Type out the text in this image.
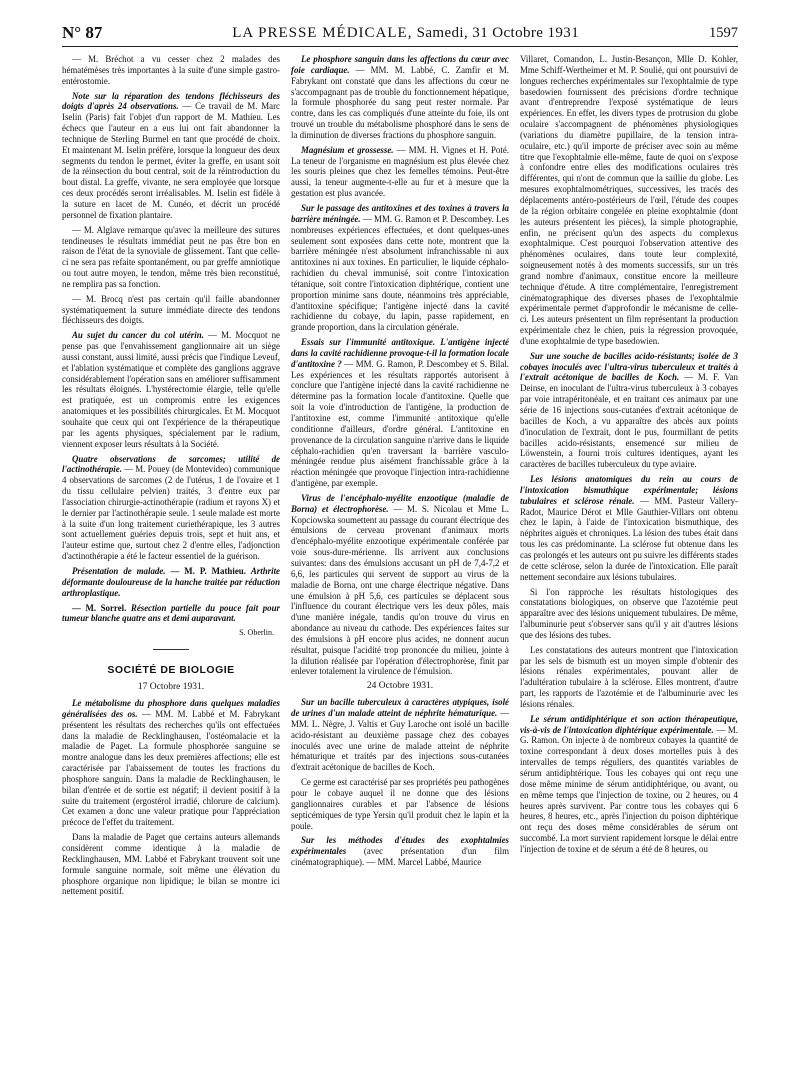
N° 87	LA PRESSE MÉDICALE, Samedi, 31 Octobre 1931	1597

— M. Bréchot a vu cesser chez 2 malades des hématémèses très importantes à la suite d'une simple gastro-entérostomie.

Note sur la réparation des tendons fléchisseurs des doigts d'après 24 observations. — Ce travail de M. Marc Iselin (Paris) fait l'objet d'un rapport de M. Mathieu. Les échecs que l'auteur en a eus lui ont fait abandonner la technique de Sterling Burmel en tant que procédé de choix. Et maintenant M. Iselin préfère, lorsque la longueur des deux segments du tendon le permet, éviter la greffe, en usant soit de la réinsection du bout central, soit de la réintroduction du bout distal. La greffe, vivante, ne sera employée que lorsque ces deux procédés seront irréalisables. M. Iselin est fidèle à la suture en lacet de M. Cunéo, et décrit un procédé personnel de fixation plantaire.

— M. Alglave remarque qu'avec la meilleure des sutures tendineuses le résultats immédiat peut ne pas être bon en raison de l'état de la synoviale de glissement. Tant que celle-ci ne sera pas refaite spontanément, ou par greffe amniotique ou tout autre moyen, le tendon, même très bien reconstitué, ne remplira pas sa fonction.

— M. Brocq n'est pas certain qu'il faille abandonner systématiquement la suture immédiate directe des tendons fléchisseurs des doigts.

Au sujet du cancer du col utérin. — M. Mocquot ne pense pas que l'envahissement ganglionnaire ait un siège aussi constant, aussi limité, aussi précis que l'indique Leveuf, et l'ablation systématique et complète des ganglions aggrave considérablement l'opération sans en améliorer suffisamment les résultats éloignés. L'hystérectomie élargie, telle qu'elle est pratiquée, est un compromis entre les exigences anatomiques et les possibilités chirurgicales. Et M. Mocquot souhaite que ceux qui ont l'expérience de la thérapeutique par les agents physiques, spécialement par le radium, viennent exposer leurs résultats à la Société.

Quatre observations de sarcomes; utilité de l'actinothérapie. — M. Pouey (de Montevideo) communique 4 observations de sarcomes (2 de l'utérus, 1 de l'ovaire et 1 du tissu cellulaire pelvien) traités, 3 d'entre eux par l'association chirurgie-actinothérapie (radium et rayons X) et le dernier par l'actinothérapie seule. 1 seule malade est morte à la suite d'un long traitement curiethérapique, les 3 autres sont actuellement guéries depuis trois, sept et huit ans, et l'auteur estime que, surtout chez 2 d'entre elles, l'adjonction d'actinothérapie a été le facteur essentiel de la guérison.

Présentation de malade. — M. P. Mathieu. Arthrite déformante douloureuse de la hanche traitée par réduction arthroplastique.

— M. Sorrel. Résection partielle du pouce fait pour tumeur blanche quatre ans et demi auparavant.

S. Oberlin.

SOCIÉTÉ DE BIOLOGIE
17 Octobre 1931.

Le métabolisme du phosphore dans quelques maladies généralisées des os. — MM. M. Labbé et M. Fabrykant présentent les résultats des recherches qu'ils ont effectuées dans la maladie de Recklinghausen, l'ostéomalacie et la maladie de Paget. La formule phosphorée sanguine se montre analogue dans les deux premières affections; elle est caractérisée par l'abaissement de toutes les fractions du phosphore sanguin. Dans la maladie de Recklinghausen, le bilan d'entrée et de sortie est négatif; il devient positif à la suite du traitement (ergostérol irradié, chlorure de calcium). Cet examen a donc une valeur pratique pour l'appréciation précoce de l'effet du traitement.

Dans la maladie de Paget que certains auteurs allemands considèrent comme identique à la maladie de Recklinghausen, MM. Labbé et Fabrykant trouvent soit une formule sanguine normale, soit même une élévation du phosphore organique non lipidique; le bilan se montre ici nettement positif.

Le phosphore sanguin dans les affections du cœur avec foie cardiaque. — MM. M. Labbé, C. Zamfir et M. Fabrykant ont constaté que dans les affections du cœur ne s'accompagnant pas de trouble du fonctionnement hépatique, la formule phosphorée du sang peut rester normale. Par contre, dans les cas compliqués d'une atteinte du foie, ils ont trouvé un trouble du métabolisme phosphoré dans le sens de la diminution de diverses fractions du phosphore sanguin.

Magnésium et grossesse. — MM. H. Vignes et H. Poté. La teneur de l'organisme en magnésium est plus élevée chez les souris pleines que chez les femelles témoins. Peut-être aussi, la teneur augmente-t-elle au fur et à mesure que la gestation est plus avancée.

Sur le passage des antitoxines et des toxines à travers la barrière méningée. — MM. G. Ramon et P. Descombey. Les nombreuses expériences effectuées, et dont quelques-unes seulement sont exposées dans cette note, montrent que la barrière méningée n'est absolument infranchissable ni aux antitoxines ni aux toxines. En particulier, le liquide céphalo-rachidien du cheval immunisé, soit contre l'intoxication tétanique, soit contre l'intoxication diphtérique, contient une proportion minime sans doute, néanmoins très appréciable, d'antitoxine spécifique; l'antigène injecté dans la cavité rachidienne du cobaye, du lapin, passe rapidement, en grande proportion, dans la circulation générale.

Essais sur l'immunité antitoxique. L'antigène injecté dans la cavité rachidienne provoque-t-il la formation locale d'antitoxine ? — MM. G. Ramon, P. Descombey et S. Bilal. Les expériences et les résultats rapportés autorisent à conclure que l'antigène injecté dans la cavité rachidienne ne détermine pas la formation locale d'antitoxine. Quelle que soit la voie d'introduction de l'antigène, la production de l'antitoxine est, comme l'immunité antitoxique qu'elle conditionne d'ailleurs, d'ordre général. L'antitoxine en provenance de la circulation sanguine n'arrive dans le liquide céphalo-rachidien qu'en traversant la barrière vasculo-méningée rendue plus aisément franchissable grâce à la réaction méningée que provoque l'injection intra-rachidienne d'antigène, par exemple.

Virus de l'encéphalo-myélite enzootique (maladie de Borna) et électrophorèse. — M. S. Nicolau et Mme L. Kopciowska soumettent au passage du courant électrique des émulsions de cerveau provenant d'animaux morts d'encéphalo-myélite enzootique expérimentale conférée par voie sous-dure-mérienne. Ils arrivent aux conclusions suivantes: dans des émulsions accusant un pH de 7,4-7,2 et 6,6, les particules qui servent de support au virus de la maladie de Borna, ont une charge électrique négative. Dans une émulsion à pH 5,6, ces particules se déplacent sous l'influence du courant électrique vers les deux pôles, mais d'une manière inégale, tandis qu'on trouve du virus en abondance au niveau du cathode. Des expériences faites sur des émulsions à pH encore plus acides, ne donnent aucun résultat, puisque l'acidité trop prononcée du milieu, jointe à la dilution réalisée par l'opération d'électrophorèse, finit par enlever totalement la virulence de l'émulsion.

24 Octobre 1931.

Sur un bacille tuberculeux à caractères atypiques, isolé de urines d'un malade atteint de néphrite hématurique. — MM. L. Nègre, J. Valtis et Guy Laroche ont isolé un bacille acido-résistant au deuxième passage chez des cobayes inoculés avec une urine de malade atteint de néphrite hématurique et traités par des injections sous-cutanées d'extrait acétonique de bacilles de Koch.

Ce germe est caractérisé par ses propriétés peu pathogènes pour le cobaye auquel il ne donne que des lésions ganglionnaires curables et par l'absence de lésions septicémiques de type Yersin qu'il produit chez le lapin et la poule.

Sur les méthodes d'études des exophtalmies expérimentales (avec présentation d'un film cinématographique). — MM. Marcel Labbé, Maurice

Villaret, Comandon, L. Justin-Besançon, Mlle D. Kohler, Mme Schiff-Wertheimer et M. P. Soulié, qui ont poursuivi de longues recherches expérimentales sur l'exophtalmie de type basedowien fournissent des précisions d'ordre technique avant d'entreprendre l'exposé systématique de leurs expériences. En effet, les divers types de protrusion du globe oculaire s'accompagnent de phénomènes physiologiques (variations du diamètre pupillaire, de la tension intra-oculaire, etc.) qu'il importe de préciser avec soin au même titre que l'exophtalmie elle-même, faute de quoi on s'expose à confondre entre elles des modifications oculaires très différentes, qui n'ont de commun que la saillie du globe. Les mesures exophtalmométriques, successives, les tracés des déplacements antéro-postérieurs de l'œil, l'étude des coupes de la région orbitaire congelée en pleine exophtalmie (dont les auteurs présentent les pièces), la simple photographie, enfin, ne précisent qu'un des aspects du complexus exophtalmique. C'est pourquoi l'observation attentive des phénomènes oculaires, dans toute leur complexité, soigneusement notés à des moments successifs, sur un très grand nombre d'animaux, constitue encore la meilleure technique d'étude. A titre complémentaire, l'enregistrement cinématographique des diverses phases de l'exophtalmie expérimentale permet d'approfondir le mécanisme de celle-ci. Les auteurs présentent un film représentant la production expérimentale chez le chien, puis la régression provoquée, d'une exophtalmie de type basedowien.

Sur une souche de bacilles acido-résistants; isolée de 3 cobayes inoculés avec l'ultra-virus tuberculeux et traités à l'extrait acétonique de bacilles de Koch. — M. F. Van Deinse, en inoculant de l'ultra-virus tuberculeux à 3 cobayes par voie intrapéritonéale, et en traitant ces animaux par une série de 16 injections sous-cutanées d'extrait acétonique de bacilles de Koch, a vu apparaître des abcès aux points d'inoculation de l'extrait, dont le pus, fourmillant de petits bacilles acido-résistants, ensemencé sur milieu de Löwenstein, a fourni trois cultures identiques, ayant les caractères de bacilles tuberculeux du type aviaire.

Les lésions anatomiques du rein au cours de l'intoxication bismuthique expérimentale; lésions tubulaires et sclérose rénale. — MM. Pasteur Vallery-Radot, Maurice Dérot et Mlle Gauthier-Villars ont obtenu chez le lapin, à l'aide de l'intoxication bismuthique, des néphrites aiguës et chroniques. La lésion des tubes était dans tous les cas prédominante. La sclérose fut obtenue dans les cas prolongés et les auteurs ont pu suivre les différents stades de cette sclérose, selon la durée de l'intoxication. Elle paraît nettement secondaire aux lésions tubulaires.

Si l'on rapproche les résultats histologiques des constatations biologiques, on observe que l'azotémie peut apparaître avec des lésions uniquement tubulaires. De même, l'albuminurie peut s'observer sans qu'il y ait d'autres lésions que des lésions des tubes.

Les constatations des auteurs montrent que l'intoxication par les sels de bismuth est un moyen simple d'obtenir des lésions rénales expérimentales, pouvant aller de l'adultération tubulaire à la sclérose. Elles montrent, d'autre part, les rapports de l'azotémie et de l'albuminurie avec les lésions rénales.

Le sérum antidiphtérique et son action thérapeutique, vis-à-vis de l'intoxication diphtérique expérimentale. — M. G. Ramon. On injecte à de nombreux cobayes la quantité de toxine correspondant à deux doses mortelles puis à des intervalles de temps réguliers, des quantités variables de sérum antidiphtérique. Tous les cobayes qui ont reçu une dose même minime de sérum antidiphtérique, ou avant, ou en même temps que l'injection de toxine, ou 2 heures, ou 4 heures après survivent. Par contre tous les cobayes qui 6 heures, 8 heures, etc., après l'injection du poison diphtérique ont reçu des doses même considérables de sérum ont succombé. La mort survient rapidement lorsque le délai entre l'injection de toxine et de sérum a été de 8 heures, ou
